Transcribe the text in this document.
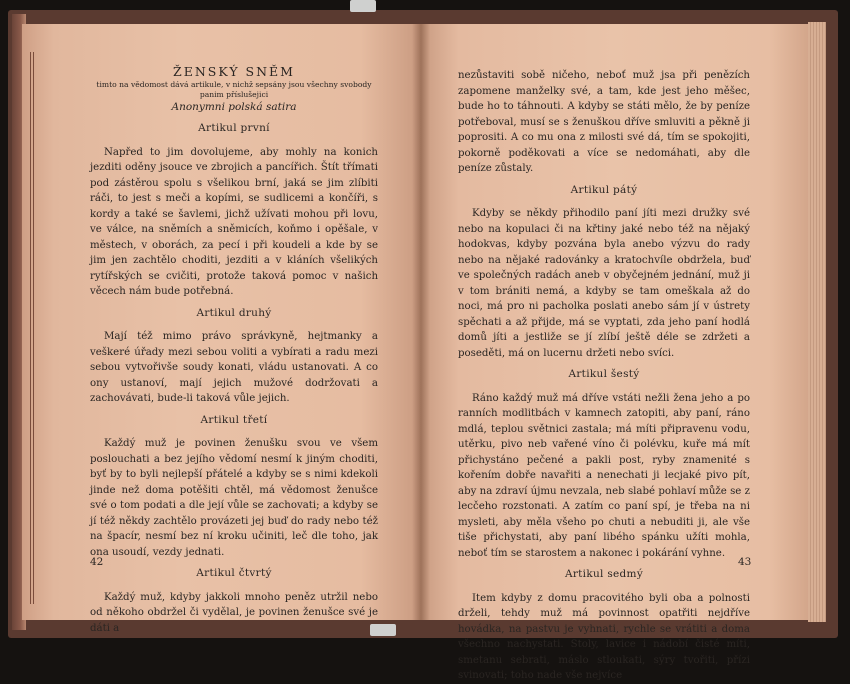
ŽENSKÝ SNĚM

timto na vědomost dává artikule, v nichž sepsány jsou všechny svobody panim příslušejici

Anonymni polská satira

Artikul první

Napřed to jim dovolujeme, aby mohly na konich jezditi oděny jsouce ve zbrojich a pancířich. Štít třímati pod zástěrou spolu s všelikou brní, jaká se jim zlíbiti ráči, to jest s meči a kopími, se sudlicemi a končíři, s kordy a také se šavlemi, jichž užívati mohou při lovu, ve válce, na sněmích a sněmicích, koňmo i opěšale, v městech, v oborách, za pecí i při koudeli a kde by se jim jen zachtělo choditi, jezditi a v kláních všelikých rytířských se cvičiti, protože taková pomoc v našich věcech nám bude potřebná.

Artikul druhý

Mají též mimo právo správkyně, hejtmanky a veškeré úřady mezi sebou voliti a vybírati a radu mezi sebou vytvořivše soudy konati, vládu ustanovati. A co ony ustanoví, mají jejich mužové dodržovati a zachovávati, bude-li taková vůle jejich.

Artikul třetí

Každý muž je povinen ženušku svou ve všem poslouchati a bez jejího vědomí nesmí k jiným choditi, byť by to byli nejlepší přátelé a kdyby se s nimi kdekoli jinde než doma potěšiti chtěl, má vědomost ženušce své o tom podati a dle její vůle se zachovati; a kdyby se jí též někdy zachtělo provázeti jej buď do rady nebo též na špacír, nesmí bez ní kroku učiniti, leč dle toho, jak ona usoudí, vezdy jednati.

Artikul čtvrtý

Každý muž, kdyby jakkoli mnoho peněz utržil nebo od někoho obdržel či vydělal, je povinen ženušce své je dáti a

42

nezůstaviti sobě ničeho, neboť muž jsa při penězích zapomene manželky své, a tam, kde jest jeho měšec, bude ho to táhnouti. A kdyby se státi mělo, že by peníze potřeboval, musí se s ženuškou dříve smluviti a pěkně ji poprositi. A co mu ona z milosti své dá, tím se spokojiti, pokorně poděkovati a více se nedomáhati, aby dle peníze zůstaly.

Artikul pátý

Kdyby se někdy přihodilo paní jíti mezi družky své nebo na kopulaci či na křtiny jaké nebo též na nějaký hodokvas, kdyby pozvána byla anebo výzvu do rady nebo na nějaké radovánky a kratochvíle obdržela, buď ve společných radách aneb v obyčejném jednání, muž ji v tom brániti nemá, a kdyby se tam omeškala až do noci, má pro ni pacholka poslati anebo sám jí v ústrety spěchati a až přijde, má se vyptati, zda jeho paní hodlá domů jíti a jestliže se jí zlíbí ještě déle se zdržeti a poseděti, má on lucernu držeti nebo svíci.

Artikul šestý

Ráno každý muž má dříve vstáti nežli žena jeho a po ranních modlitbách v kamnech zatopiti, aby paní, ráno mdlá, teplou světnici zastala; má míti připravenu vodu, utěrku, pivo neb vařené víno či polévku, kuře má mít přichystáno pečené a pakli post, ryby znamenité s kořením dobře navařiti a nenechati ji lecjaké pivo pít, aby na zdraví újmu nevzala, neb slabé pohlaví může se z lecčeho rozstonati. A zatím co paní spí, je třeba na ni mysleti, aby měla všeho po chuti a nebuditi ji, ale vše tiše přichystati, aby paní libého spánku užíti mohla, neboť tím se starostem a nakonec i pokárání vyhne.

Artikul sedmý

Item kdyby z domu pracovitého byli oba a polnosti drželi, tehdy muž má povinnost opatřiti nejdříve hovádka, na pastvu je vyhnati, rychle se vrátiti a doma všechno nachystati. Stoly, lavice i nádobí čisté míti, smetanu sebrati, máslo stloukati, sýry tvořiti, přízi svinovati; toho nade vše nejvíce

43
